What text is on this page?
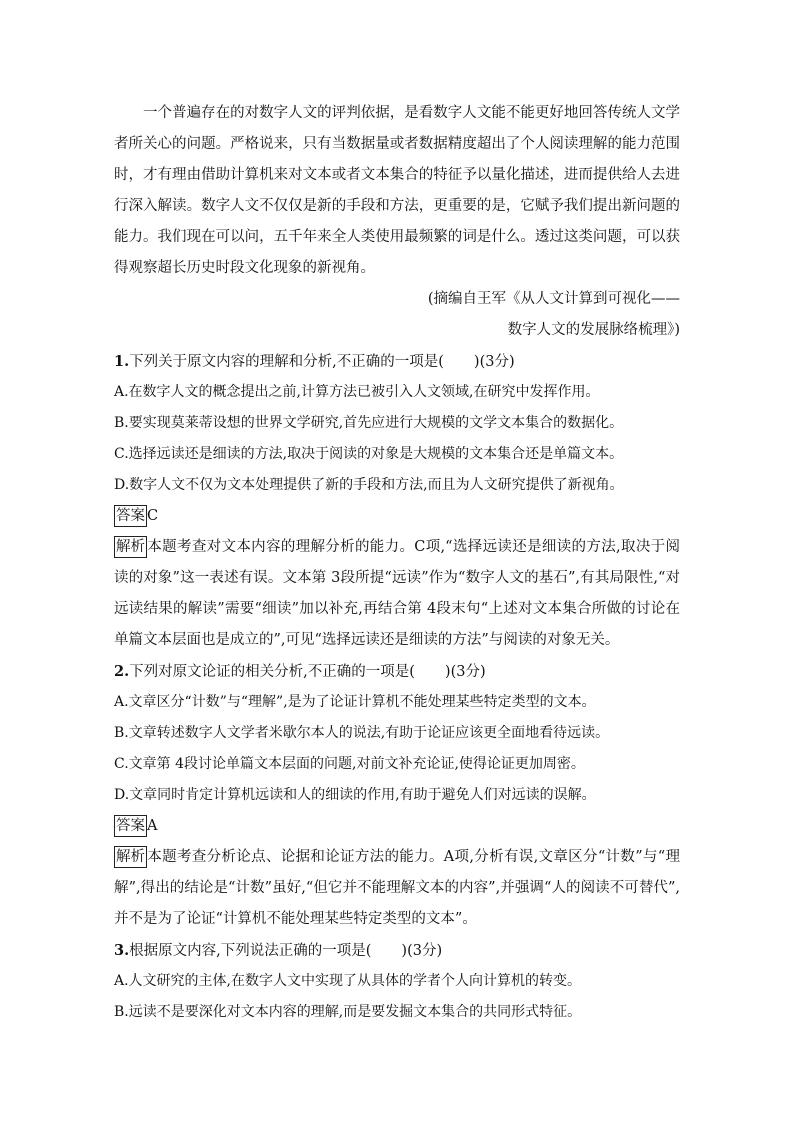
一个普遍存在的对数字人文的评判依据，是看数字人文能不能更好地回答传统人文学者所关心的问题。严格说来，只有当数据量或者数据精度超出了个人阅读理解的能力范围时，才有理由借助计算机来对文本或者文本集合的特征予以量化描述，进而提供给人去进行深入解读。数字人文不仅仅是新的手段和方法，更重要的是，它赋予我们提出新问题的能力。我们现在可以问，五千年来全人类使用最频繁的词是什么。透过这类问题，可以获得观察超长历史时段文化现象的新视角。

(摘编自王军《从人文计算到可视化——

数字人文的发展脉络梳理》)

1.下列关于原文内容的理解和分析,不正确的一项是( )(3分)

A.在数字人文的概念提出之前,计算方法已被引入人文领域,在研究中发挥作用。

B.要实现莫莱蒂设想的世界文学研究,首先应进行大规模的文学文本集合的数据化。

C.选择远读还是细读的方法,取决于阅读的对象是大规模的文本集合还是单篇文本。

D.数字人文不仅为文本处理提供了新的手段和方法,而且为人文研究提供了新视角。

答案 C

解析 本题考查对文本内容的理解分析的能力。C项,“选择远读还是细读的方法,取决于阅读的对象”这一表述有误。文本第 3段所提“远读”作为“数字人文的基石”,有其局限性,“对远读结果的解读”需要“细读”加以补充,再结合第 4段末句“上述对文本集合所做的讨论在单篇文本层面也是成立的”,可见“选择远读还是细读的方法”与阅读的对象无关。

2.下列对原文论证的相关分析,不正确的一项是( )(3分)

A.文章区分“计数”与“理解”,是为了论证计算机不能处理某些特定类型的文本。

B.文章转述数字人文学者米歇尔本人的说法,有助于论证应该更全面地看待远读。

C.文章第 4段讨论单篇文本层面的问题,对前文补充论证,使得论证更加周密。

D.文章同时肯定计算机远读和人的细读的作用,有助于避免人们对远读的误解。

答案 A

解析 本题考查分析论点、论据和论证方法的能力。A项,分析有误,文章区分“计数”与“理解”,得出的结论是“计数”虽好,“但它并不能理解文本的内容”,并强调“人的阅读不可替代”,并不是为了论证“计算机不能处理某些特定类型的文本”。

3.根据原文内容,下列说法正确的一项是( )(3分)

A.人文研究的主体,在数字人文中实现了从具体的学者个人向计算机的转变。

B.远读不是要深化对文本内容的理解,而是要发掘文本集合的共同形式特征。
